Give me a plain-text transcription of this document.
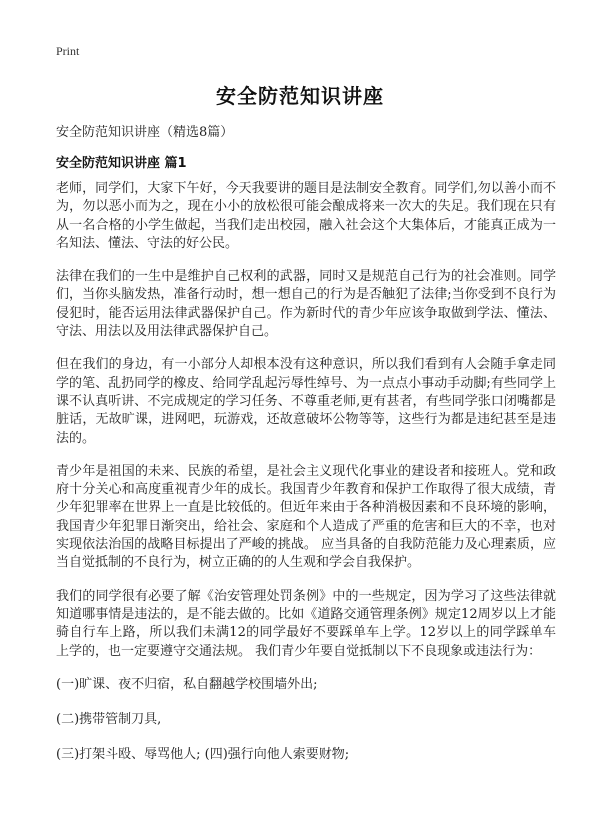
Print
安全防范知识讲座
安全防范知识讲座（精选8篇）
安全防范知识讲座 篇1

老师，同学们，大家下午好，今天我要讲的题目是法制安全教育。同学们,勿以善小而不为，勿以恶小而为之，现在小小的放松很可能会酿成将来一次大的失足。我们现在只有从一名合格的小学生做起，当我们走出校园，融入社会这个大集体后，才能真正成为一名知法、懂法、守法的好公民。

法律在我们的一生中是维护自己权利的武器，同时又是规范自己行为的社会准则。同学们，当你头脑发热，准备行动时，想一想自己的行为是否触犯了法律;当你受到不良行为侵犯时，能否运用法律武器保护自己。作为新时代的青少年应该争取做到学法、懂法、守法、用法以及用法律武器保护自己。

但在我们的身边，有一小部分人却根本没有这种意识，所以我们看到有人会随手拿走同学的笔、乱扔同学的橡皮、给同学乱起污辱性绰号、为一点点小事动手动脚;有些同学上课不认真听讲、不完成规定的学习任务、不尊重老师,更有甚者，有些同学张口闭嘴都是脏话，无故旷课，进网吧，玩游戏，还故意破坏公物等等，这些行为都是违纪甚至是违法的。

青少年是祖国的未来、民族的希望，是社会主义现代化事业的建设者和接班人。党和政府十分关心和高度重视青少年的成长。我国青少年教育和保护工作取得了很大成绩，青少年犯罪率在世界上一直是比较低的。但近年来由于各种消极因素和不良环境的影响，我国青少年犯罪日渐突出，给社会、家庭和个人造成了严重的危害和巨大的不幸，也对实现依法治国的战略目标提出了严峻的挑战。 应当具备的自我防范能力及心理素质，应当自觉抵制的不良行为，树立正确的的人生观和学会自我保护。

我们的同学很有必要了解《治安管理处罚条例》中的一些规定，因为学习了这些法律就知道哪事情是违法的，是不能去做的。比如《道路交通管理条例》规定12周岁以上才能骑自行车上路，所以我们未满12的同学最好不要踩单车上学。12岁以上的同学踩单车上学的，也一定要遵守交通法规。 我们青少年要自觉抵制以下不良现象或违法行为：

(一)旷课、夜不归宿，私自翻越学校围墙外出;

(二)携带管制刀具,

(三)打架斗殴、辱骂他人; (四)强行向他人索要财物;
